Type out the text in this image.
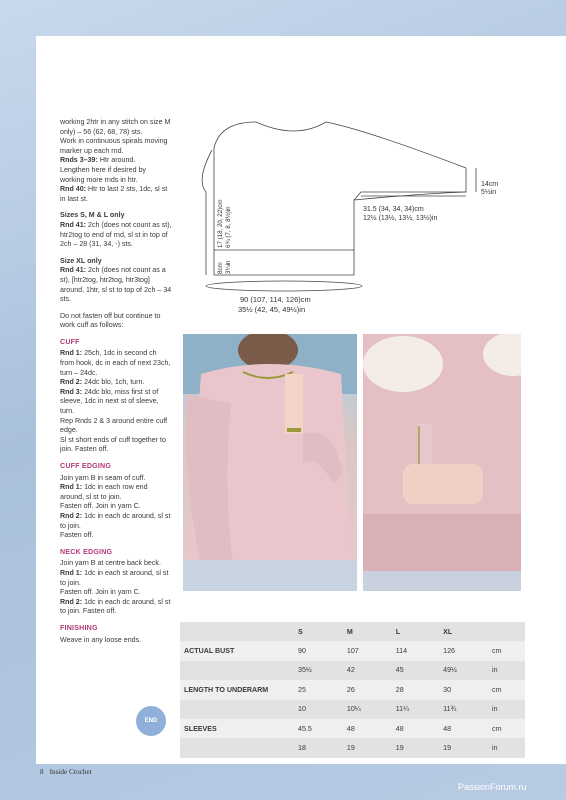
working 2htr in any stitch on size M only) – 56 (62, 68, 78) sts.
Work in continuous spirals moving marker up each rnd.
Rnds 3–39: Htr around.
Lengthen here if desired by working more rnds in htr.
Rnd 40: Htr to last 2 sts, 1dc, sl st in last st.

Sizes S, M & L only
Rnd 41: 2ch (does not count as st), htr2tog to end of rnd, sl st in top of 2ch – 28 (31, 34, -) sts.

Size XL only
Rnd 41: 2ch (does not count as a st), [htr2tog, htr2tog, htr3tog] around, 1htr, sl st to top of 2ch – 34 sts.

Do not fasten off but continue to work cuff as follows:

CUFF

Rnd 1: 25ch, 1dc in second ch from hook, dc in each of next 23ch, turn – 24dc.
Rnd 2: 24dc blo, 1ch, turn.
Rnd 3: 24dc blo, miss first st of sleeve, 1dc in next st of sleeve, turn.
Rep Rnds 2 & 3 around entire cuff edge.
Sl st short ends of cuff together to join. Fasten off.

CUFF EDGING

Join yarn B in seam of cuff.
Rnd 1: 1dc in each row end around, sl st to join.
Fasten off. Join in yarn C.
Rnd 2: 1dc in each dc around, sl st to join.
Fasten off.

NECK EDGING

Join yarn B at centre back beck.
Rnd 1: 1dc in each st around, sl st to join.
Fasten off. Join in yarn C.
Rnd 2: 1dc in each dc around, sl st to join. Fasten off.

FINISHING

Weave in any loose ends.

14cm
5½in
31.5 (34, 34, 34)cm
12½ (13½, 13½, 13½)in
17 (18, 20, 22)cm 6¾ (7, 8, 8½)in
8cm 3¼in
90 (107, 114, 126)cm
35½ (42, 45, 49½)in
	S	M	L	XL	
ACTUAL BUST	90	107	114	126	cm
	35½	42	45	49½	in
LENGTH TO UNDERARM	25	26	28	30	cm
	10	10¼	11¼	11¾	in
SLEEVES	45.5	48	48	48	cm
	18	19	19	19	in
END
8 Inside Crochet
PassionForum.ru
